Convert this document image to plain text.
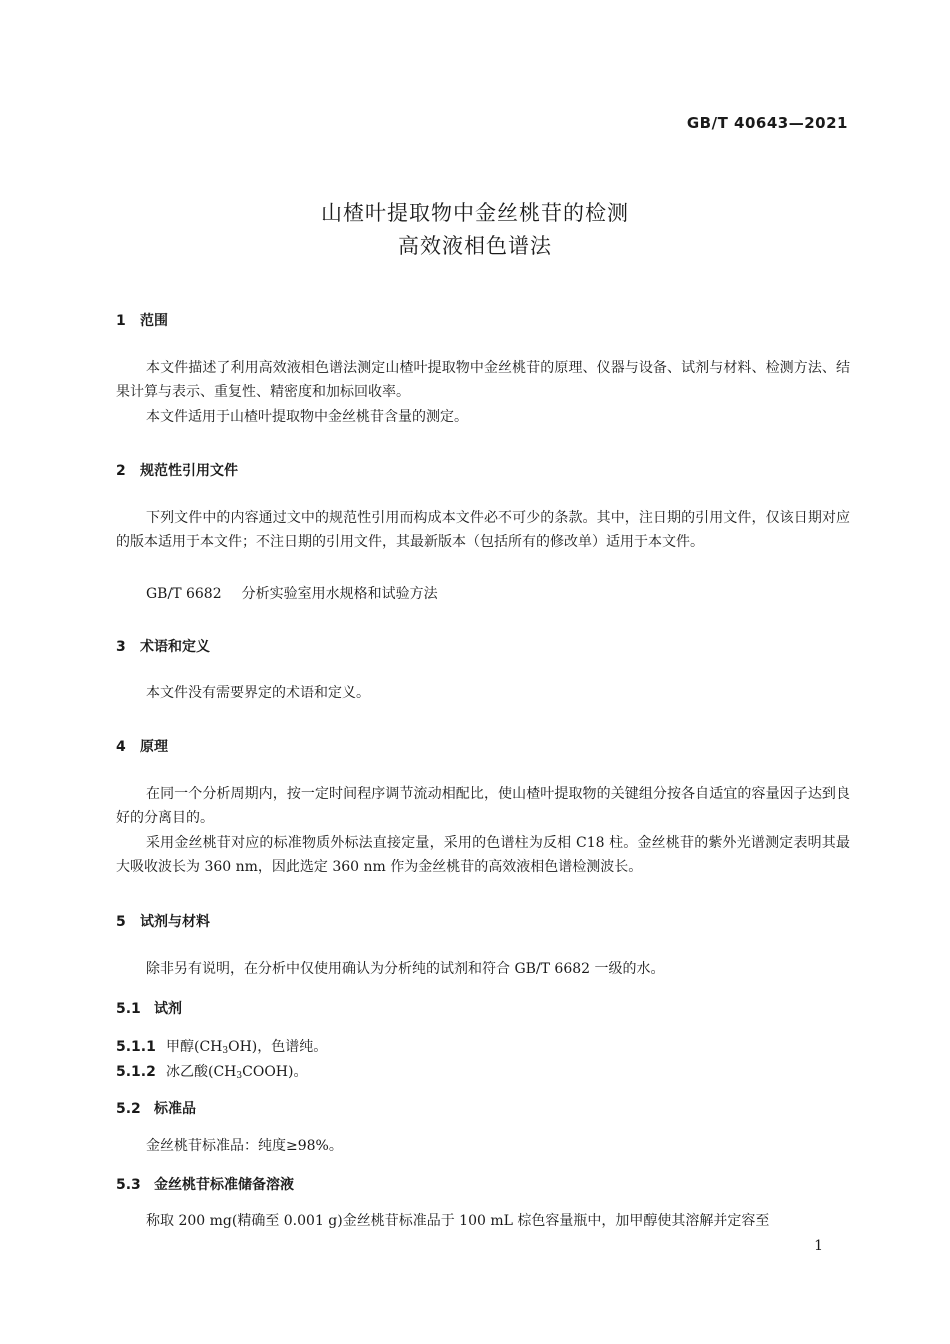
GB/T 40643—2021
山楂叶提取物中金丝桃苷的检测
高效液相色谱法
1 范围
本文件描述了利用高效液相色谱法测定山楂叶提取物中金丝桃苷的原理、仪器与设备、试剂与材料、检测方法、结果计算与表示、重复性、精密度和加标回收率。
本文件适用于山楂叶提取物中金丝桃苷含量的测定。
2 规范性引用文件
下列文件中的内容通过文中的规范性引用而构成本文件必不可少的条款。其中，注日期的引用文件，仅该日期对应的版本适用于本文件；不注日期的引用文件，其最新版本（包括所有的修改单）适用于本文件。
GB/T 6682 分析实验室用水规格和试验方法
3 术语和定义
本文件没有需要界定的术语和定义。
4 原理
在同一个分析周期内，按一定时间程序调节流动相配比，使山楂叶提取物的关键组分按各自适宜的容量因子达到良好的分离目的。
采用金丝桃苷对应的标准物质外标法直接定量，采用的色谱柱为反相 C18 柱。金丝桃苷的紫外光谱测定表明其最大吸收波长为 360 nm，因此选定 360 nm 作为金丝桃苷的高效液相色谱检测波长。
5 试剂与材料
除非另有说明，在分析中仅使用确认为分析纯的试剂和符合 GB/T 6682 一级的水。
5.1 试剂
5.1.1 甲醇$(CH_3OH)$，色谱纯。
5.1.2 冰乙酸$(CH_3COOH)$。
5.2 标准品
金丝桃苷标准品：纯度≥98%。
5.3 金丝桃苷标准储备溶液
称取 200 mg(精确至 0.001 g)金丝桃苷标准品于 100 mL 棕色容量瓶中，加甲醇使其溶解并定容至
1
